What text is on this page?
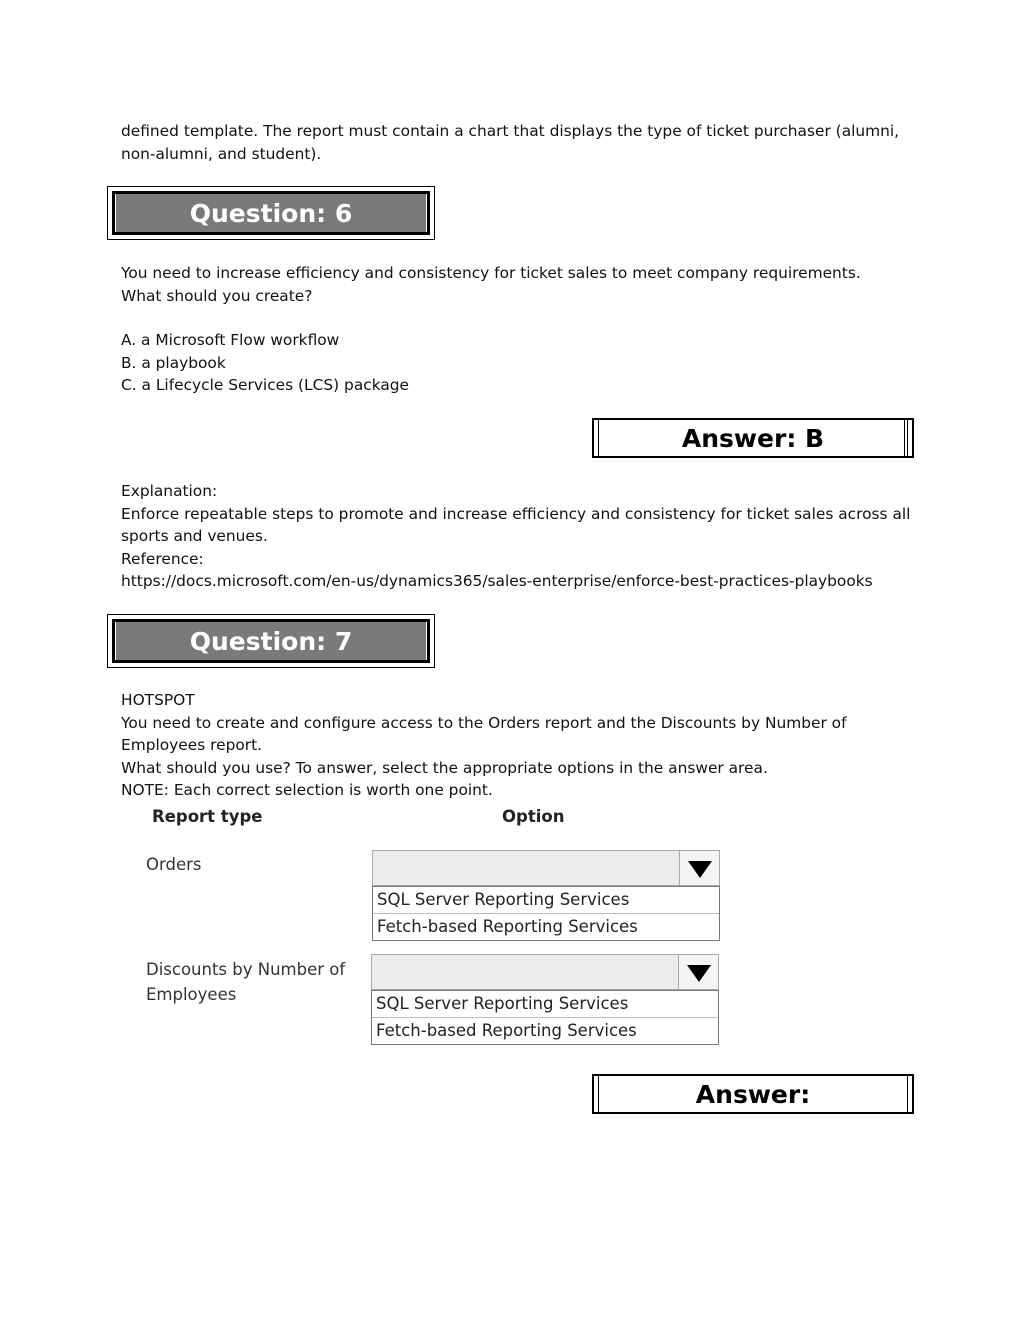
defined template. The report must contain a chart that displays the type of ticket purchaser (alumni,
non-alumni, and student).
Question: 6
You need to increase efficiency and consistency for ticket sales to meet company requirements.
What should you create?
A. a Microsoft Flow workflow
B. a playbook
C. a Lifecycle Services (LCS) package
Answer: B
Explanation:
Enforce repeatable steps to promote and increase efficiency and consistency for ticket sales across all
sports and venues.
Reference:
https://docs.microsoft.com/en-us/dynamics365/sales-enterprise/enforce-best-practices-playbooks
Question: 7
HOTSPOT
You need to create and configure access to the Orders report and the Discounts by Number of
Employees report.
What should you use? To answer, select the appropriate options in the answer area.
NOTE: Each correct selection is worth one point.
Report type	Option
Orders
SQL Server Reporting Services
Fetch-based Reporting Services
Discounts by Number of
Employees	SQL Server Reporting Services
Fetch-based Reporting Services
Answer:
